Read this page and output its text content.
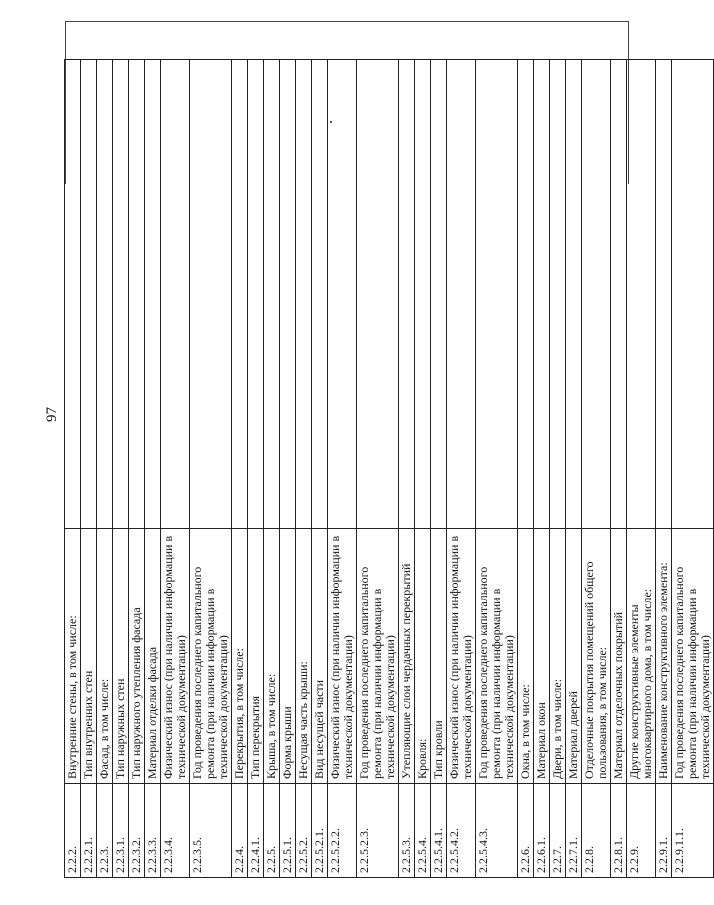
97
2.2.2.	Внутренние стены, в том числе:	
2.2.2.1.	Тип внутренних стен	
2.2.3.	Фасад, в том числе:	
2.2.3.1.	Тип наружных стен	
2.2.3.2.	Тип наружного утепления фасада	
2.2.3.3.	Материал отделки фасада	
2.2.3.4.	Физический износ (при наличии информации в технической документации)	
2.2.3.5.	Год проведения последнего капитального ремонта (при наличии информации в технической документации)	
2.2.4.	Перекрытия, в том числе:	
2.2.4.1.	Тип перекрытия	
2.2.5.	Крыша, в том числе:	
2.2.5.1.	Форма крыши	
2.2.5.2.	Несущая часть крыши:	
2.2.5.2.1.	Вид несущей части	
2.2.5.2.2.	Физический износ (при наличии информации в технической документации)	
2.2.5.2.3.	Год проведения последнего капитального ремонта (при наличии информации в технической документации)	
2.2.5.3.	Утепляющие слои чердачных перекрытий	
2.2.5.4.	Кровля:	
2.2.5.4.1.	Тип кровли	
2.2.5.4.2.	Физический износ (при наличии информации в технической документации)	
2.2.5.4.3.	Год проведения последнего капитального ремонта (при наличии информации в технической документации)	
2.2.6.	Окна, в том числе:	
2.2.6.1.	Материал окон	
2.2.7.	Двери, в том числе:	
2.2.7.1.	Материал дверей	
2.2.8.	Отделочные покрытия помещений общего пользования, в том числе:	
2.2.8.1.	Материал отделочных покрытий	
2.2.9.	Другие конструктивные элементы многоквартирного дома, в том числе:	
2.2.9.1.	Наименование конструктивного элемента:	
2.2.9.1.1.	Год проведения последнего капитального ремонта (при наличии информации в технической документации)	
